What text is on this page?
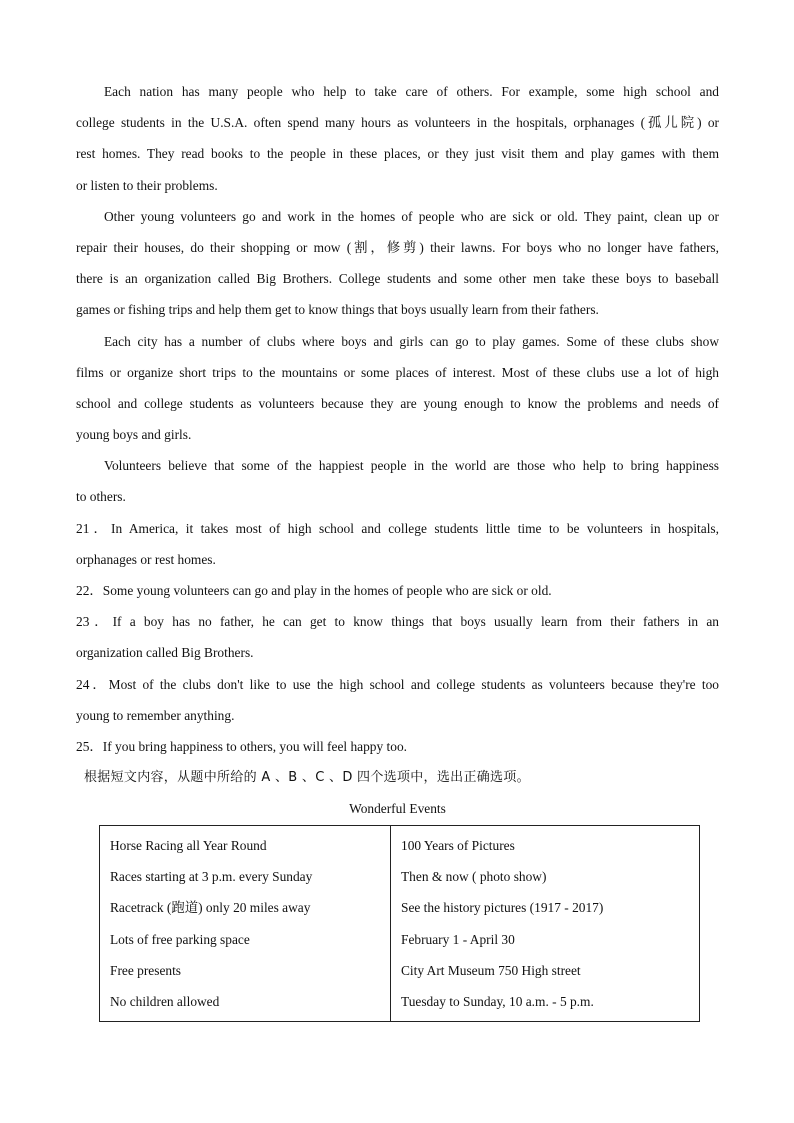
Each nation has many people who help to take care of others. For example, some high school and
college students in the U.S.A. often spend many hours as volunteers in the hospitals, orphanages (孤儿院) or
rest homes. They read books to the people in these places, or they just visit them and play games with them
or listen to their problems.
Other young volunteers go and work in the homes of people who are sick or old. They paint, clean up or
repair their houses, do their shopping or mow (割，修剪) their lawns. For boys who no longer have fathers,
there is an organization called Big Brothers. College students and some other men take these boys to baseball
games or fishing trips and help them get to know things that boys usually learn from their fathers.
Each city has a number of clubs where boys and girls can go to play games. Some of these clubs show
films or organize short trips to the mountains or some places of interest. Most of these clubs use a lot of high
school and college students as volunteers because they are young enough to know the problems and needs of
young boys and girls.
Volunteers believe that some of the happiest people in the world are those who help to bring happiness
to others.
21．In America, it takes most of high school and college students little time to be volunteers in hospitals,
orphanages or rest homes.
22．Some young volunteers can go and play in the homes of people who are sick or old.
23．If a boy has no father, he can get to know things that boys usually learn from their fathers in an
organization called Big Brothers.
24．Most of the clubs don't like to use the high school and college students as volunteers because they're too
young to remember anything.
25．If you bring happiness to others, you will feel happy too.
根据短文内容，从题中所给的 A 、B 、C 、D 四个选项中，选出正确选项。
Wonderful Events
Horse Racing all Year Round	100 Years of Pictures
Races starting at 3 p.m. every Sunday	Then & now ( photo show)
Racetrack (跑道) only 20 miles away	See the history pictures (1917 - 2017)
Lots of free parking space	February 1 - April 30
Free presents	City Art Museum 750 High street
No children allowed	Tuesday to Sunday, 10 a.m. - 5 p.m.
